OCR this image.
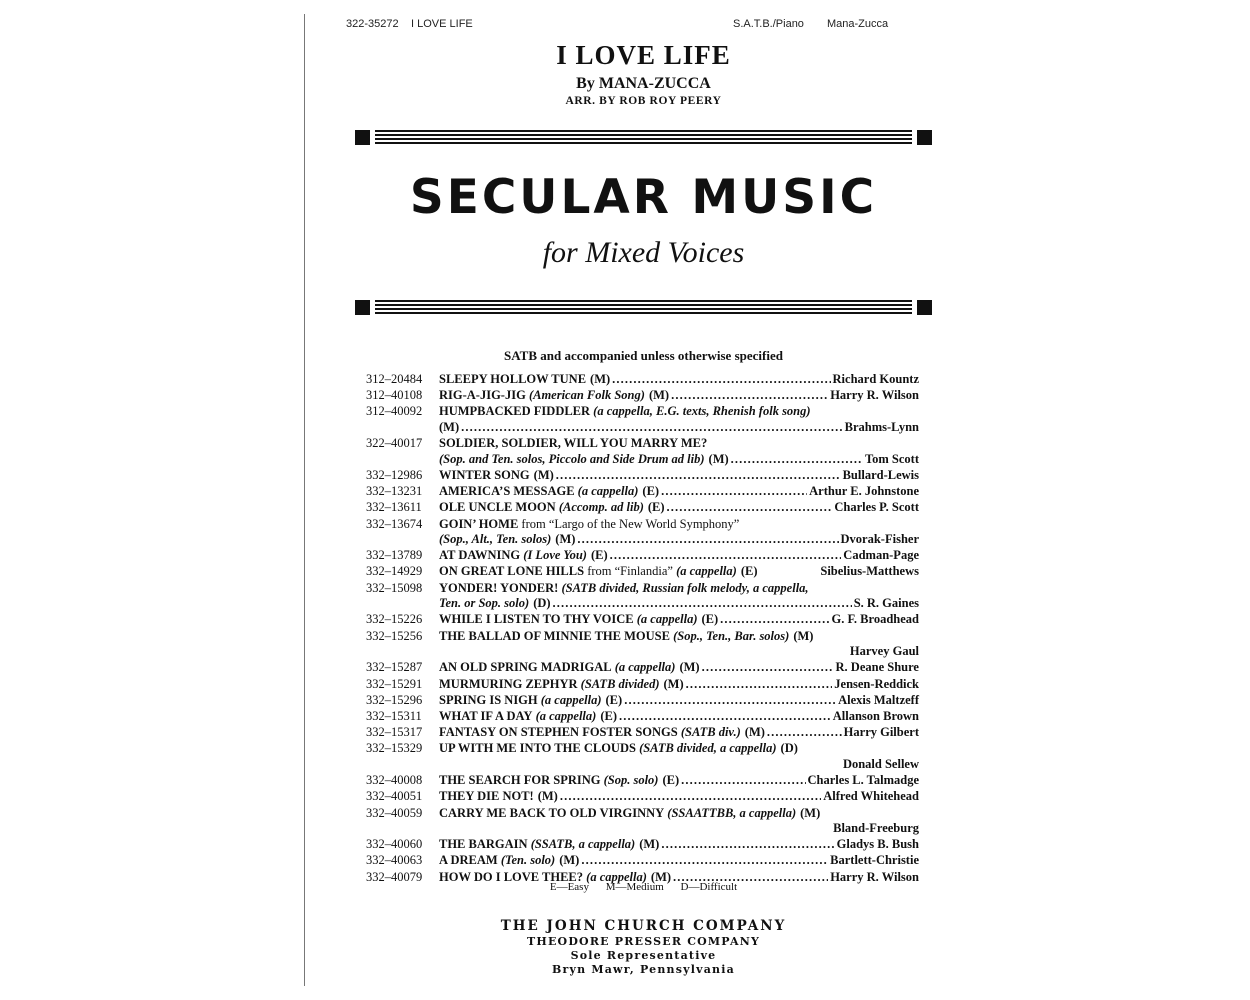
322-35272 I LOVE LIFE	S.A.T.B./Piano Mana-Zucca
I LOVE LIFE
By MANA-ZUCCA
ARR. BY ROB ROY PEERY
SECULAR MUSIC
for Mixed Voices
SATB and accompanied unless otherwise specified
312–20484	SLEEPY HOLLOW TUNE (M) . . .	Richard Kountz
312–40108	RIG-A-JIG-JIG
(American Folk Song) (M) . . .	Harry R. Wilson
312–40092	HUMPBACKED FIDDLER
(a cappella, E.G. texts, Rhenish folk song)
(M) . . .	Brahms-Lynn
322–40017	SOLDIER, SOLDIER, WILL YOU MARRY ME?
(Sop. and Ten. solos, Piccolo and Side Drum ad lib) (M) . . .	Tom Scott
332–12986	WINTER SONG (M) . . .	Bullard-Lewis
332–13231	AMERICA’S MESSAGE
(a cappella) (E) . . .	Arthur E. Johnstone
332–13611	OLE UNCLE MOON
(Accomp. ad lib) (E) . . .	Charles P. Scott
332–13674	GOIN’ HOME
from “Largo of the New World Symphony”
(Sop., Alt., Ten. solos) (M) . . .	Dvorak-Fisher
332–13789	AT DAWNING
(I Love You) (E) . . .	Cadman-Page
332–14929	ON GREAT LONE HILLS
from “Finlandia”
(a cappella) (E)
	Sibelius-Matthews
332–15098	YONDER! YONDER!
(SATB divided, Russian folk melody, a cappella,
Ten. or Sop. solo) (D) . . .	S. R. Gaines
332–15226	WHILE I LISTEN TO THY VOICE
(a cappella) (E) . . .	G. F. Broadhead
332–15256	THE BALLAD OF MINNIE THE MOUSE
(Sop., Ten., Bar. solos) (M)
Harvey Gaul
332–15287	AN OLD SPRING MADRIGAL
(a cappella) (M) . . .	R. Deane Shure
332–15291	MURMURING ZEPHYR
(SATB divided) (M) . . .	Jensen-Reddick
332–15296	SPRING IS NIGH
(a cappella) (E) . . .	Alexis Maltzeff
332–15311	WHAT IF A DAY
(a cappella) (E) . . .	Allanson Brown
332–15317	FANTASY ON STEPHEN FOSTER SONGS
(SATB div.) (M) . . .	Harry Gilbert
332–15329	UP WITH ME INTO THE CLOUDS
(SATB divided, a cappella) (D)
Donald Sellew
332–40008	THE SEARCH FOR SPRING
(Sop. solo) (E) . . .	Charles L. Talmadge
332–40051	THEY DIE NOT! (M) . . .	Alfred Whitehead
332–40059	CARRY ME BACK TO OLD VIRGINNY
(SSAATTBB, a cappella) (M)
Bland-Freeburg
332–40060	THE BARGAIN
(SSATB, a cappella) (M) . . .	Gladys B. Bush
332–40063	A DREAM
(Ten. solo) (M) . . .	Bartlett-Christie
332–40079	HOW DO I LOVE THEE?
(a cappella) (M) . . .	Harry R. Wilson
E—Easy M—Medium D—Difficult
THE JOHN CHURCH COMPANY
THEODORE PRESSER COMPANY
Sole Representative
Bryn Mawr, Pennsylvania
